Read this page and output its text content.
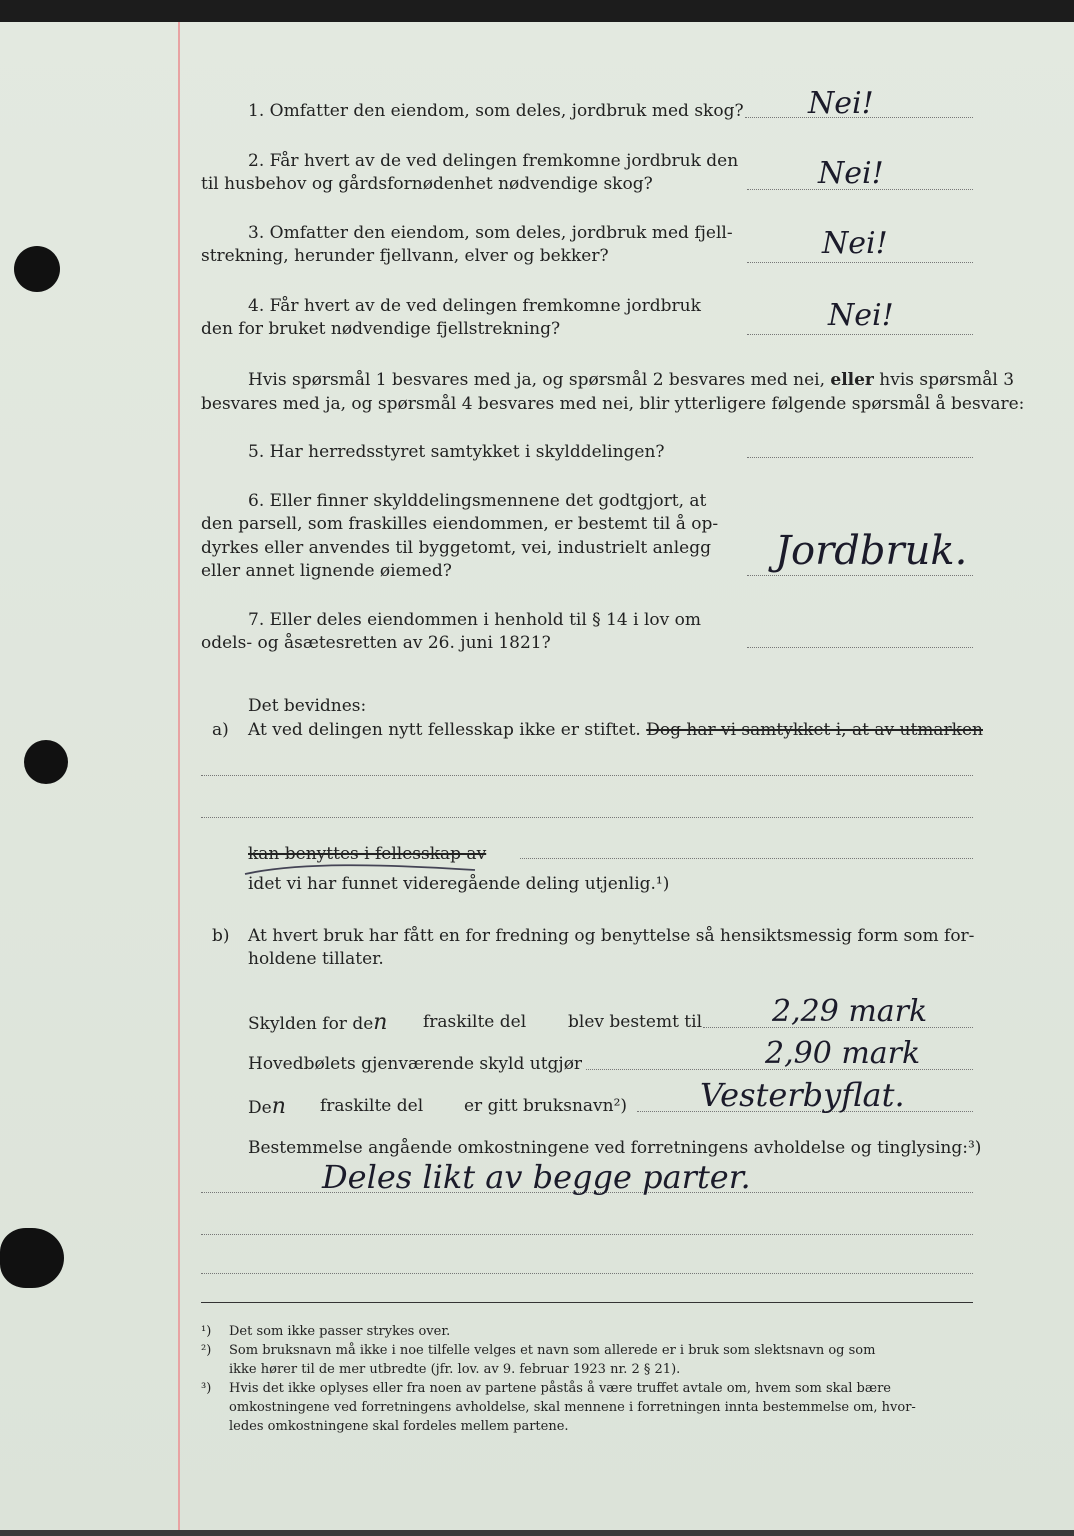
1. Omfatter den eiendom, som deles, jordbruk med skog? Nei!
2. Får hvert av de ved delingen fremkomne jordbruk den
til husbehov og gårdsfornødenhet nødvendige skog?	Nei!
3. Omfatter den eiendom, som deles, jordbruk med fjell-
strekning, herunder fjellvann, elver og bekker?	Nei!
4. Får hvert av de ved delingen fremkomne jordbruk
den for bruket nødvendige fjellstrekning?	Nei!
Hvis spørsmål 1 besvares med ja, og spørsmål 2 besvares med nei, eller hvis spørsmål 3
besvares med ja, og spørsmål 4 besvares med nei, blir ytterligere følgende spørsmål å besvare:
5. Har herredsstyret samtykket i skylddelingen?
6. Eller finner skylddelingsmennene det godtgjort, at
den parsell, som fraskilles eiendommen, er bestemt til å op-
dyrkes eller anvendes til byggetomt, vei, industrielt anlegg
eller annet lignende øiemed?	Jordbruk.
7. Eller deles eiendommen i henhold til § 14 i lov om
odels- og åsætesretten av 26. juni 1821?
Det bevidnes:
a) At ved delingen nytt fellesskap ikke er stiftet. Dog har vi samtykket i, at av utmarken
kan benyttes i fellesskap av
idet vi har funnet videregående deling utjenlig.¹)
b) At hvert bruk har fått en for fredning og benyttelse så hensiktsmessig form som for-
holdene tillater.
Skylden for den fraskilte del blev bestemt til 2,29 mark
Hovedbølets gjenværende skyld utgjør	2,90 mark
Den fraskilte del er gitt bruksnavn²) Vesterbyflat.
Bestemmelse angående omkostningene ved forretningens avholdelse og tinglysing:³)
Deles likt av begge parter.
¹) Det som ikke passer strykes over.
²) Som bruksnavn må ikke i noe tilfelle velges et navn som allerede er i bruk som slektsnavn og som
ikke hører til de mer utbredte (jfr. lov. av 9. februar 1923 nr. 2 § 21).
³) Hvis det ikke oplyses eller fra noen av partene påstås å være truffet avtale om, hvem som skal bære
omkostningene ved forretningens avholdelse, skal mennene i forretningen innta bestemmelse om, hvor-
ledes omkostningene skal fordeles mellem partene.
